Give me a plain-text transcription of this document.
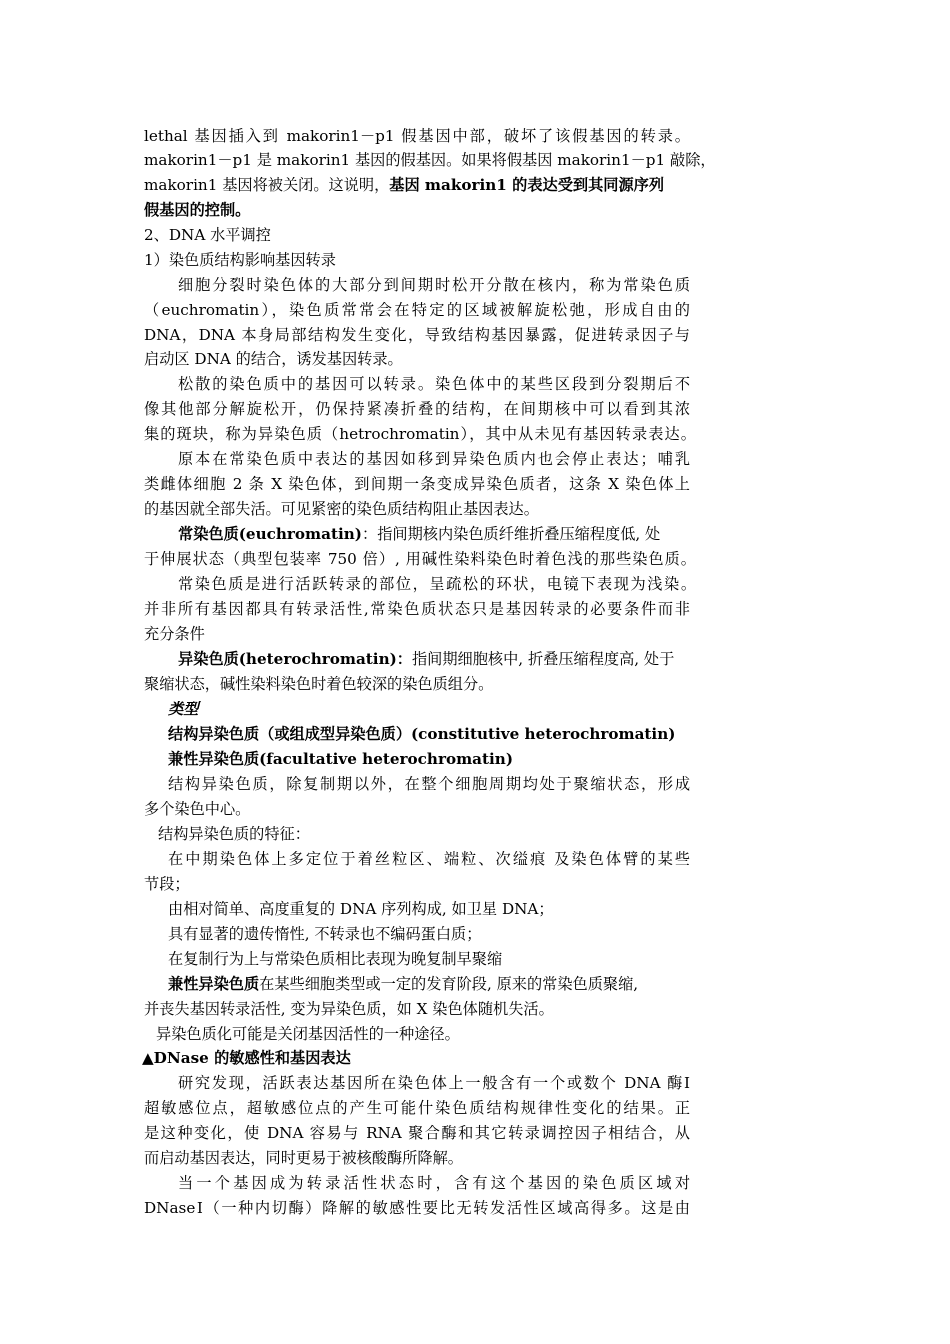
lethal 基因插入到 makorin1－p1 假基因中部，破坏了该假基因的转录。
makorin1－p1 是 makorin1 基因的假基因。如果将假基因 makorin1－p1 敲除，
makorin1 基因将被关闭。这说明，基因 makorin1 的表达受到其同源序列
假基因的控制。
2、DNA 水平调控
1）染色质结构影响基因转录
细胞分裂时染色体的大部分到间期时松开分散在核内，称为常染色质
（euchromatin），染色质常常会在特定的区域被解旋松弛，形成自由的
DNA，DNA 本身局部结构发生变化，导致结构基因暴露，促进转录因子与
启动区 DNA 的结合，诱发基因转录。
松散的染色质中的基因可以转录。染色体中的某些区段到分裂期后不
像其他部分解旋松开，仍保持紧凑折叠的结构，在间期核中可以看到其浓
集的斑块，称为异染色质（hetrochromatin），其中从未见有基因转录表达。
原本在常染色质中表达的基因如移到异染色质内也会停止表达；哺乳
类雌体细胞 2 条 X 染色体，到间期一条变成异染色质者，这条 X 染色体上
的基因就全部失活。可见紧密的染色质结构阻止基因表达。
常染色质(euchromatin)：指间期核内染色质纤维折叠压缩程度低, 处
于伸展状态（典型包装率 750 倍）, 用碱性染料染色时着色浅的那些染色质。
常染色质是进行活跃转录的部位，呈疏松的环状，电镜下表现为浅染。
并非所有基因都具有转录活性,常染色质状态只是基因转录的必要条件而非
充分条件
异染色质(heterochromatin)：指间期细胞核中, 折叠压缩程度高, 处于
聚缩状态，碱性染料染色时着色较深的染色质组分。
类型
结构异染色质（或组成型异染色质）(constitutive heterochromatin)
兼性异染色质(facultative heterochromatin)
结构异染色质，除复制期以外，在整个细胞周期均处于聚缩状态，形成
多个染色中心。
结构异染色质的特征：
在中期染色体上多定位于着丝粒区、端粒、次缢痕 及染色体臂的某些
节段；
由相对简单、高度重复的 DNA 序列构成, 如卫星 DNA；
具有显著的遗传惰性, 不转录也不编码蛋白质；
在复制行为上与常染色质相比表现为晚复制早聚缩
兼性异染色质在某些细胞类型或一定的发育阶段, 原来的常染色质聚缩,
并丧失基因转录活性, 变为异染色质，如 X 染色体随机失活。
异染色质化可能是关闭基因活性的一种途径。
▲DNase 的敏感性和基因表达
研究发现，活跃表达基因所在染色体上一般含有一个或数个 DNA 酶Ⅰ
超敏感位点，超敏感位点的产生可能什染色质结构规律性变化的结果。正
是这种变化，使 DNA 容易与 RNA 聚合酶和其它转录调控因子相结合，从
而启动基因表达，同时更易于被核酸酶所降解。
当一个基因成为转录活性状态时，含有这个基因的染色质区域对
DNaseⅠ（一种内切酶）降解的敏感性要比无转发活性区域高得多。这是由
